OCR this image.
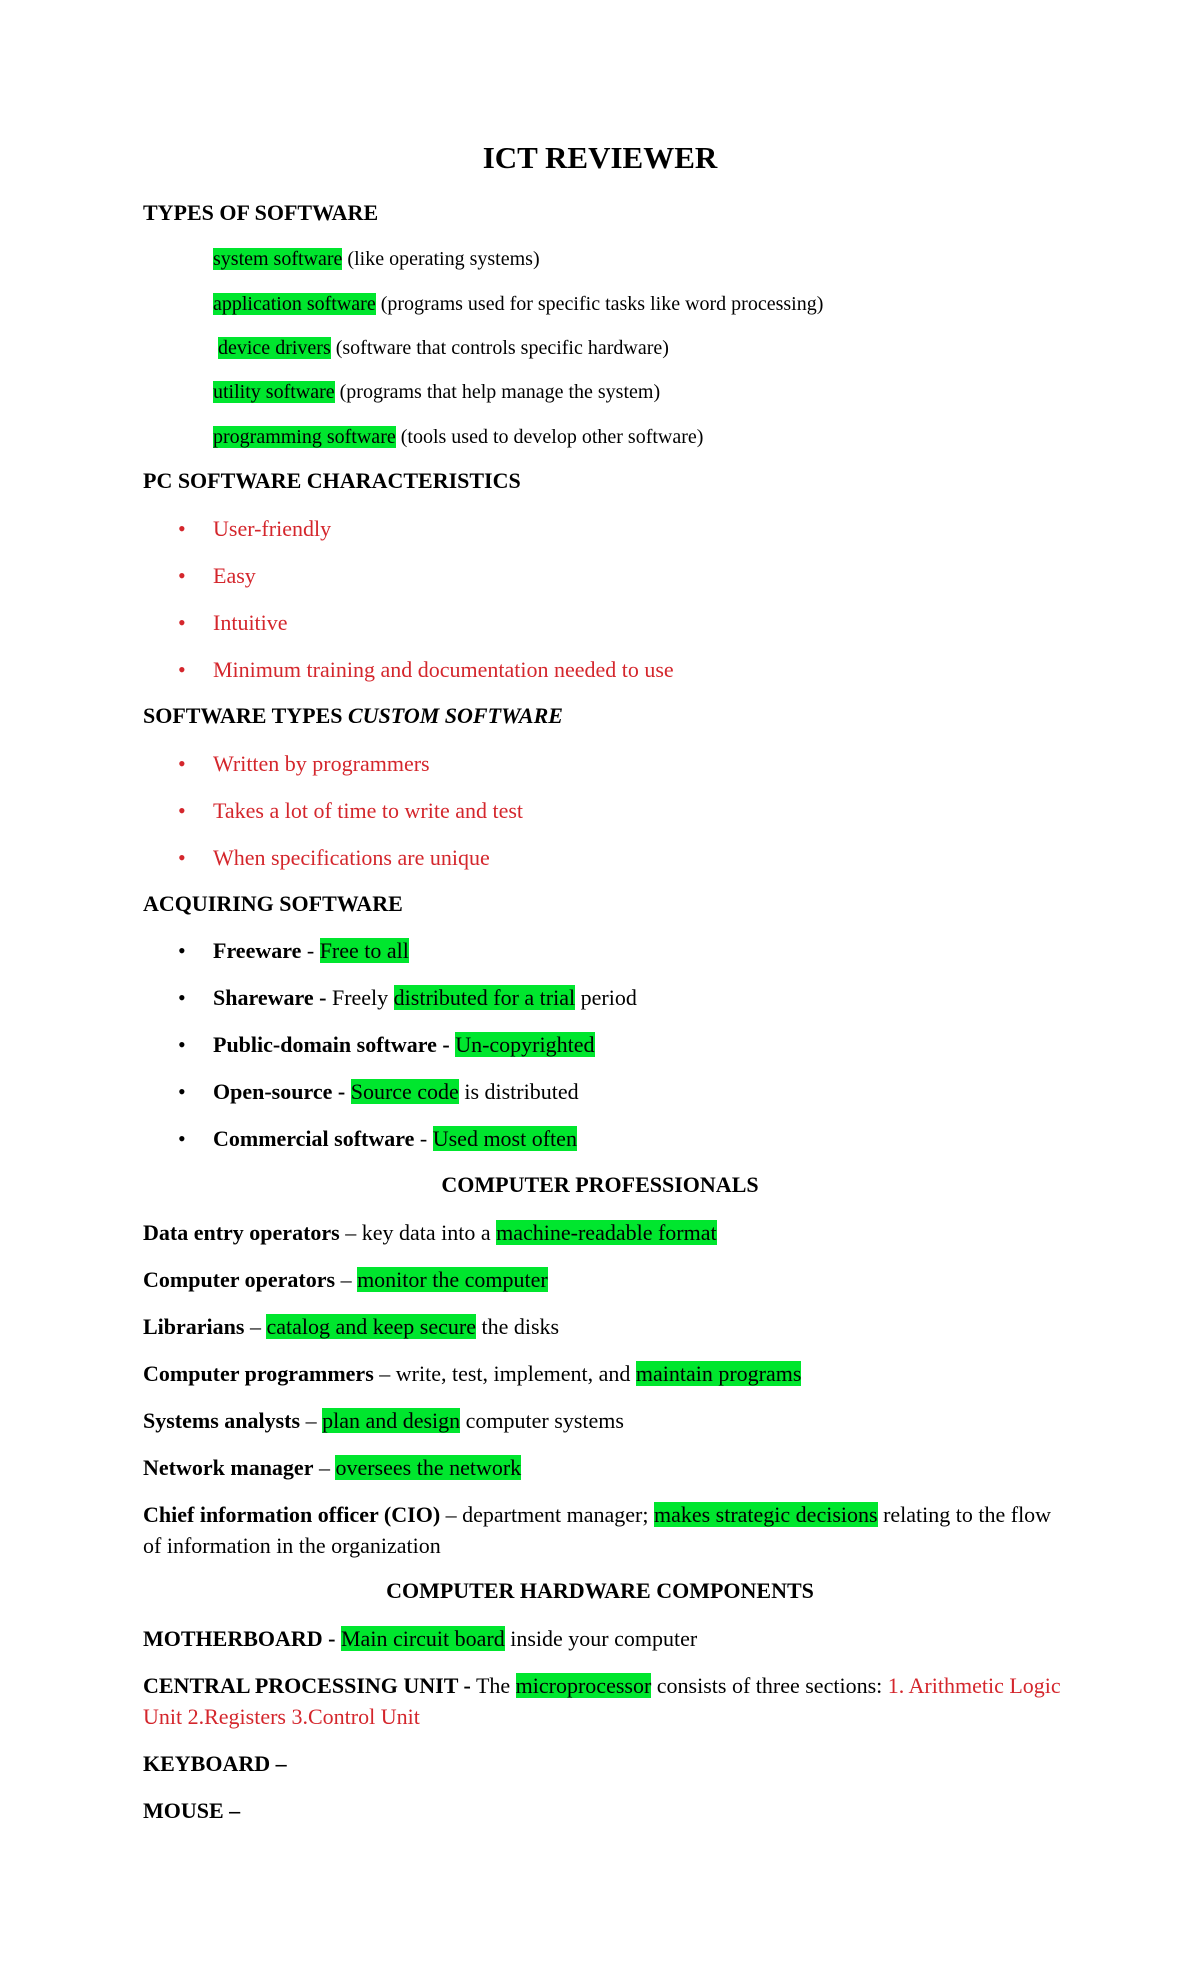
ICT REVIEWER
TYPES OF SOFTWARE
system software (like operating systems)
application software (programs used for specific tasks like word processing)
device drivers (software that controls specific hardware)
utility software (programs that help manage the system)
programming software (tools used to develop other software)
PC SOFTWARE CHARACTERISTICS
• User-friendly
• Easy
• Intuitive
• Minimum training and documentation needed to use
SOFTWARE TYPES CUSTOM SOFTWARE
• Written by programmers
• Takes a lot of time to write and test
• When specifications are unique
ACQUIRING SOFTWARE
• Freeware - Free to all
• Shareware - Freely distributed for a trial period
• Public-domain software - Un-copyrighted
• Open-source - Source code is distributed
• Commercial software - Used most often
COMPUTER PROFESSIONALS
Data entry operators – key data into a machine-readable format
Computer operators – monitor the computer
Librarians – catalog and keep secure the disks
Computer programmers – write, test, implement, and maintain programs
Systems analysts – plan and design computer systems
Network manager – oversees the network
Chief information officer (CIO) – department manager; makes strategic decisions relating to the flow of information in the organization
COMPUTER HARDWARE COMPONENTS
MOTHERBOARD - Main circuit board inside your computer
CENTRAL PROCESSING UNIT - The microprocessor consists of three sections: 1. Arithmetic Logic Unit 2.Registers 3.Control Unit
KEYBOARD –
MOUSE –
